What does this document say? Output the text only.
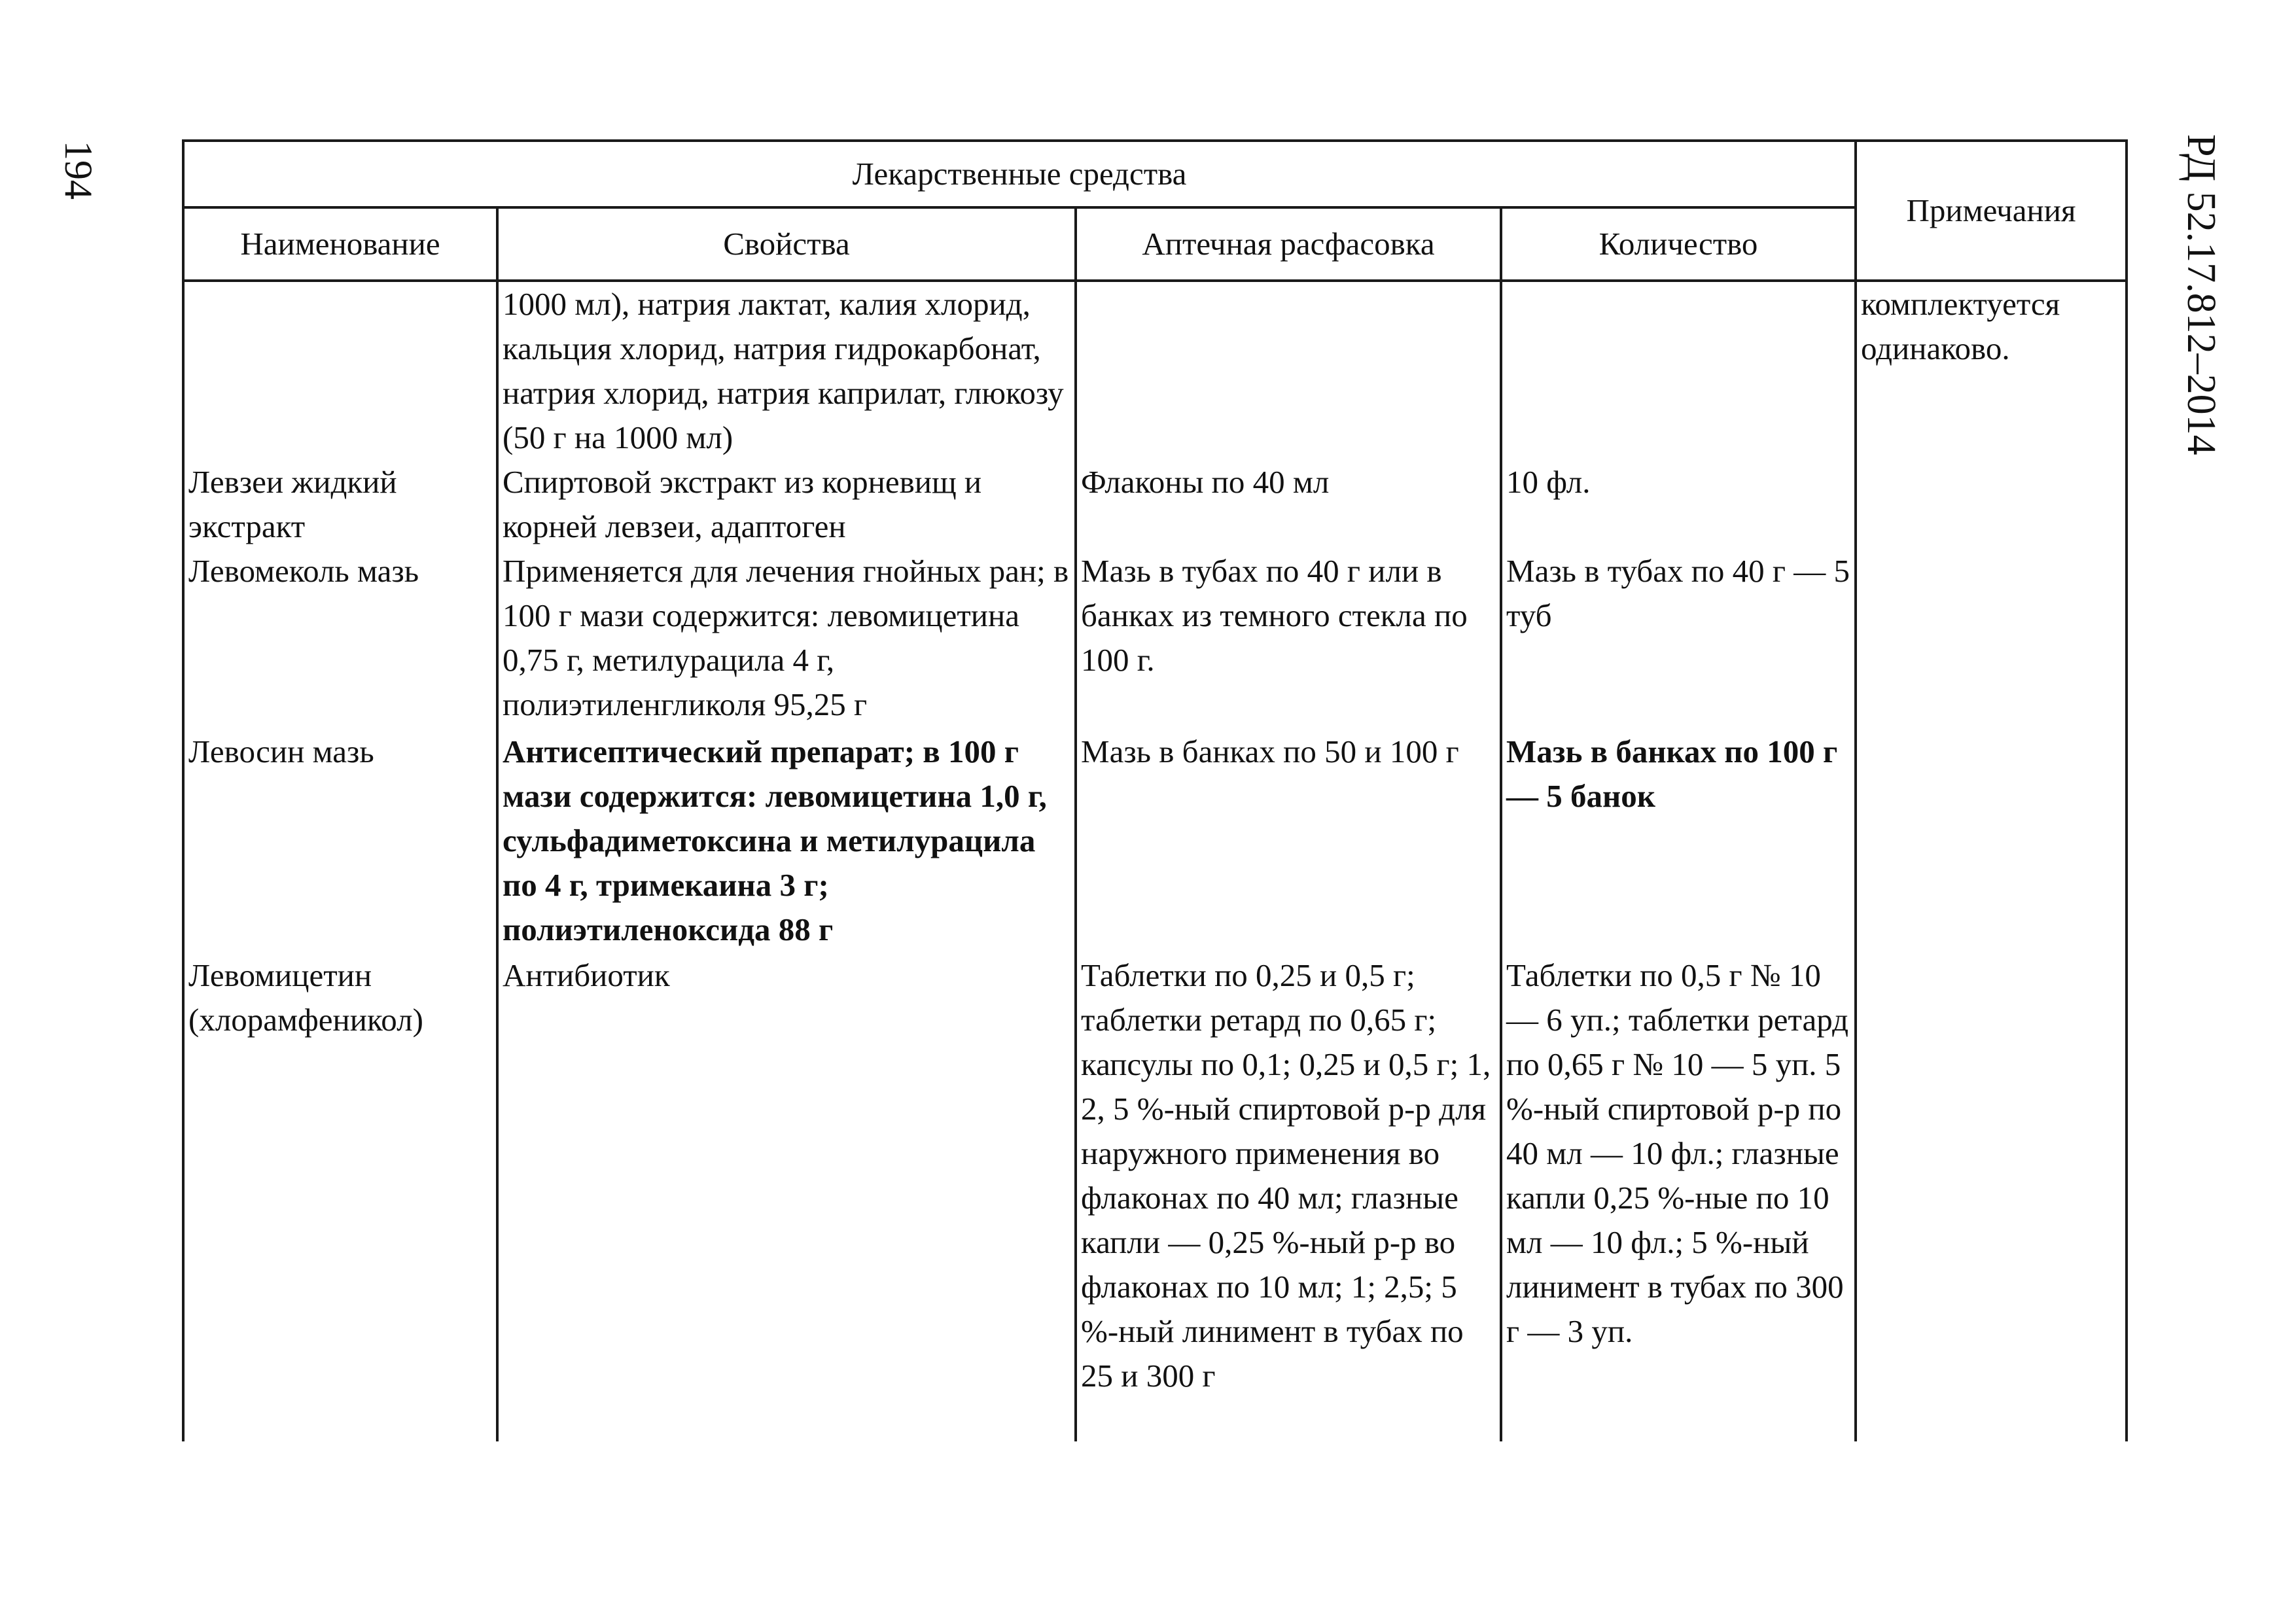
194	РД 52.17.812–2014
Лекарственные средства				Примечания
Наименование	Свойства	Аптечная расфасовка	Количество	

	1000 мл), натрия лактат, калия хлорид, кальция хлорид, натрия гидрокарбонат, натрия хлорид, натрия каприлат, глюкозу (50 г на 1000 мл)			комплектуется одинаково.

Левзеи жидкий экстракт	Спиртовой экстракт из корневищ и корней левзеи, адаптоген	Флаконы по 40 мл	10 фл.	

Левомеколь мазь	Применяется для лечения гнойных ран; в 100 г мази содержится: левомицетина 0,75 г, метилурацила 4 г, полиэтиленгликоля 95,25 г	Мазь в тубах по 40 г или в банках из темного стекла по 100 г.	Мазь в тубах по 40 г — 5 туб	

Левосин мазь	Антисептический препарат; в 100 г мази содержится: левомицетина 1,0 г, сульфадиметоксина и метилурацила по 4 г, тримекаина 3 г; полиэтиленоксида 88 г	Мазь в банках по 50 и 100 г	Мазь в банках по 100 г — 5 банок	

Левомицетин (хлорамфеникол)	Антибиотик	Таблетки по 0,25 и 0,5 г; таблетки ретард по 0,65 г; капсулы по 0,1; 0,25 и 0,5 г; 1, 2, 5 %-ный спиртовой р-р для наружного применения во флаконах по 40 мл; глазные капли — 0,25 %-ный р-р во флаконах по 10 мл; 1; 2,5; 5 %-ный линимент в тубах по 25 и 300 г	Таблетки по 0,5 г № 10 — 6 уп.; таблетки ретард по 0,65 г № 10 — 5 уп. 5 %-ный спиртовой р-р по 40 мл — 10 фл.; глазные капли 0,25 %-ные по 10 мл — 10 фл.; 5 %-ный линимент в тубах по 300 г — 3 уп.	
